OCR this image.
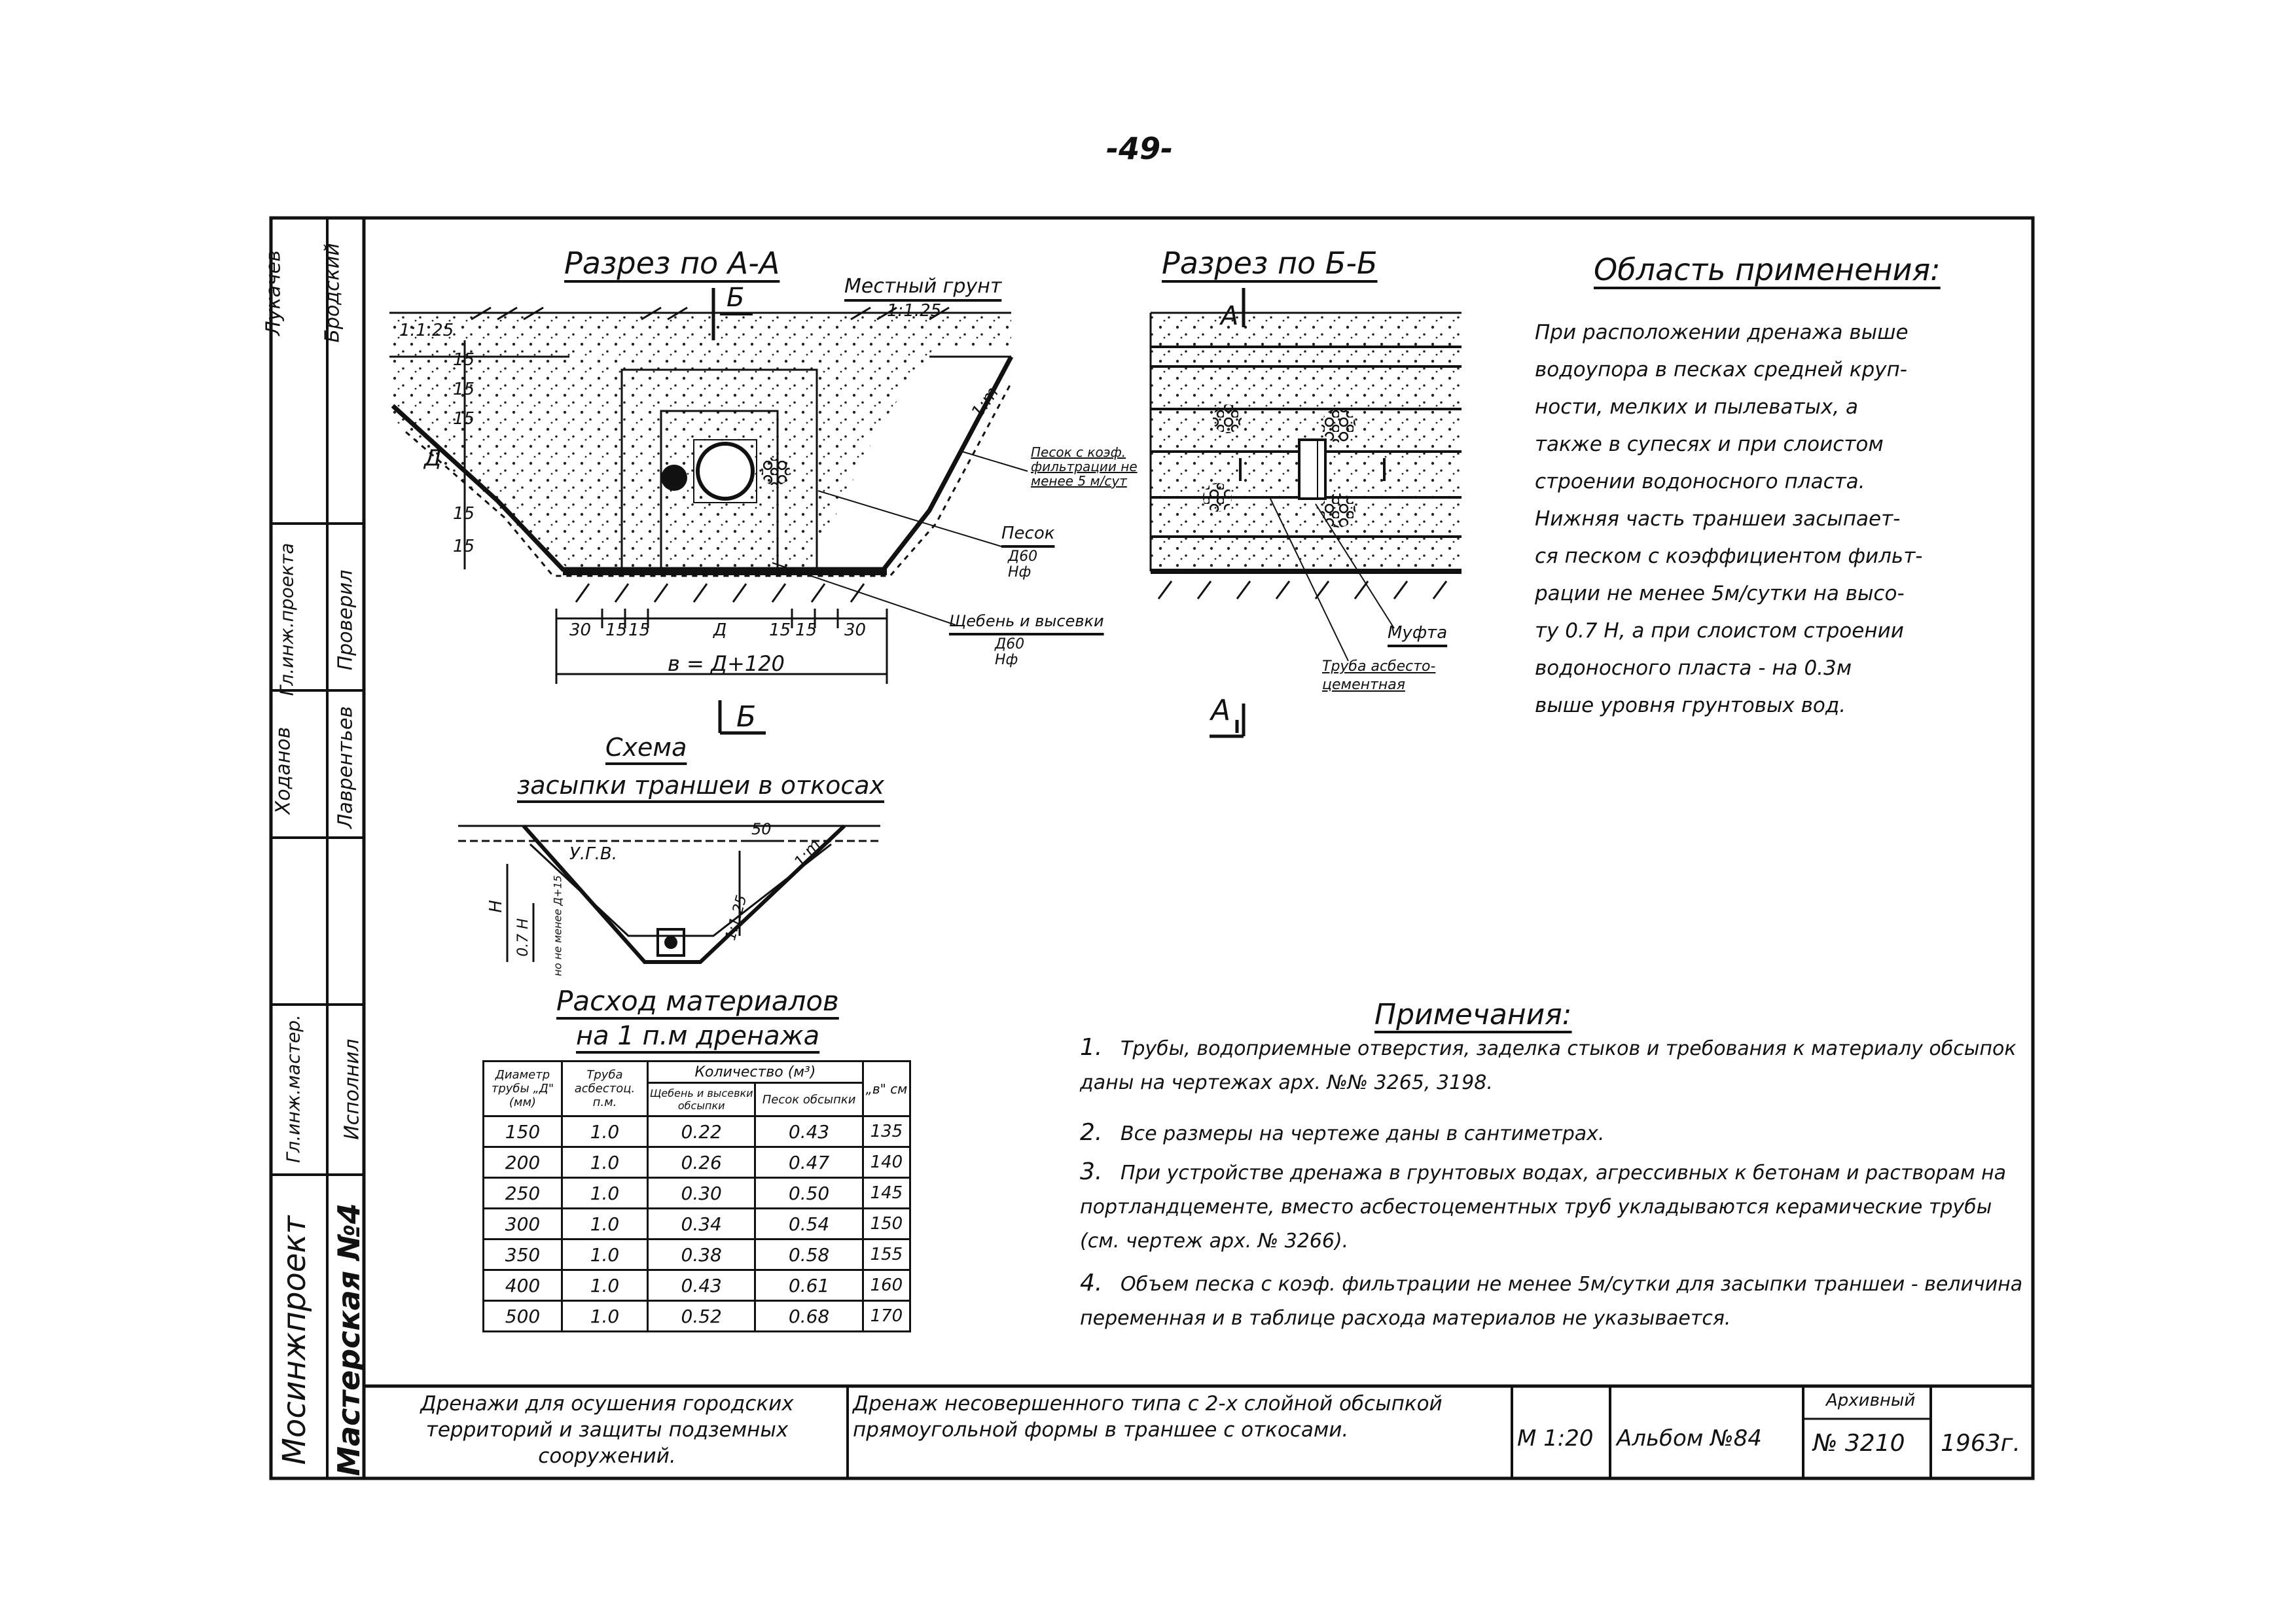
-49-
Разрез по А-А
Местный грунт
1:1.25
1:1.25
1:m
Б
Д
15
15
15
15
15
30 15 15	Д 15 15 30
в = Д+120
Б
Песок с коэф. фильтрации не менее 5 м/сут
Песок
Д60
Нф
Щебень и высевки
Д60
Нф
Разрез по Б-Б
А
А
Муфта
Труба асбесто-цементная
Область применения:
При расположении дренажа выше
водоупора в песках средней круп-
ности, мелких и пылеватых, а
также в супесях и при слоистом
строении водоносного пласта.
Нижняя часть траншеи засыпает-
ся песком с коэффициентом фильт-
рации не менее 5м/сутки на высо-
ту 0.7 Н, а при слоистом строении
водоносного пласта - на 0.3м
выше уровня грунтовых вод.
Схема
засыпки траншеи в откосах
У.Г.В.
50
1:m
1:1.25
Н
0.7 Н но не менее Д+15
Расход материалов
на 1 п.м дренажа
Диаметр трубы „Д" (мм)	Труба асбестоц. п.м.	Количество (м³)		„в" см
		Щебень и высевки обсыпки	Песок обсыпки	
150	1.0	0.22	0.43	135
200	1.0	0.26	0.47	140
250	1.0	0.30	0.50	145
300	1.0	0.34	0.54	150
350	1.0	0.38	0.58	155
400	1.0	0.43	0.61	160
500	1.0	0.52	0.68	170
Примечания:
1. Трубы, водоприемные отверстия, заделка стыков и требования к материалу обсыпок даны на чертежах арх. №№ 3265, 3198.
2. Все размеры на чертеже даны в сантиметрах.
3. При устройстве дренажа в грунтовых водах, агрессивных к бетонам и растворам на портландцементе, вместо асбестоцементных труб укладываются керамические трубы (см. чертеж арх. № 3266).
4. Объем песка с коэф. фильтрации не менее 5м/сутки для засыпки траншеи - величина переменная и в таблице расхода материалов не указывается.
Мосинжпроект Мастерская №4
Гл.инж.мастер. Исполнил
Лаврентьев
Проверил
Гл.инж.проекта
Бродский
Ходанов
Лукачев
Дренажи для осушения городских территорий и защиты подземных сооружений.
Дренаж несовершенного типа с 2-х слойной обсыпкой прямоугольной формы в траншее с откосами.	М 1:20 Альбом №84
Архивный
№ 3210 1963г.
